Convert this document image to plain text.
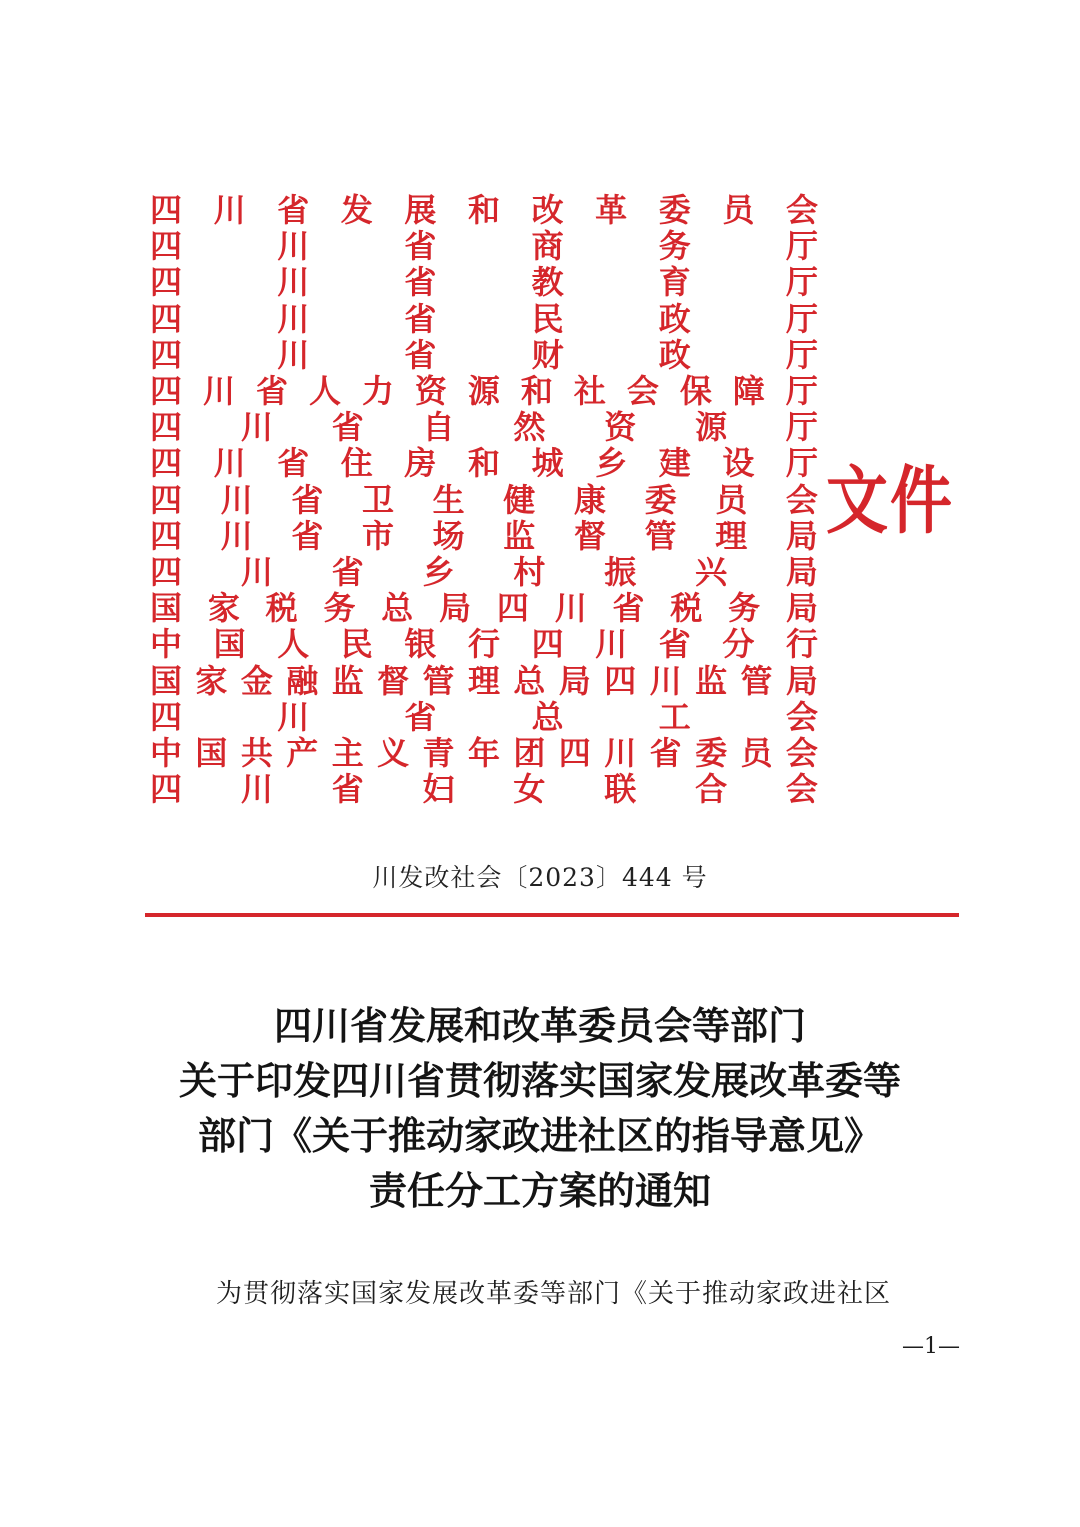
四 川 省 发 展 和 改 革 委 员 会
四	川	省	商	务	厅
四	川	省	教	育	厅
四	川	省	民	政	厅
四	川	省	财	政	厅
四 川 省 人 力 资 源 和 社 会 保 障 厅
四 川 省 自 然 资 源 厅
四 川 省 住 房 和 城 乡 建 设 厅
四 川 省 卫 生 健 康 委 员 会
四 川 省 市 场 监 督 管 理 局
四 川 省 乡 村 振 兴 局
国 家 税 务 总 局 四 川 省 税 务 局
中 国 人 民 银 行 四 川 省 分 行
国 家 金 融 监 督 管 理 总 局 四 川 监 管 局
四	川	省	总	工	会
中 国 共 产 主 义 青 年 团 四 川 省 委 员 会
四 川 省 妇 女 联 合 会
文件
川发改社会〔2023〕444 号
四川省发展和改革委员会等部门
关于印发四川省贯彻落实国家发展改革委等
部门《关于推动家政进社区的指导意见》
责任分工方案的通知
为贯彻落实国家发展改革委等部门《关于推动家政进社区
—1—
